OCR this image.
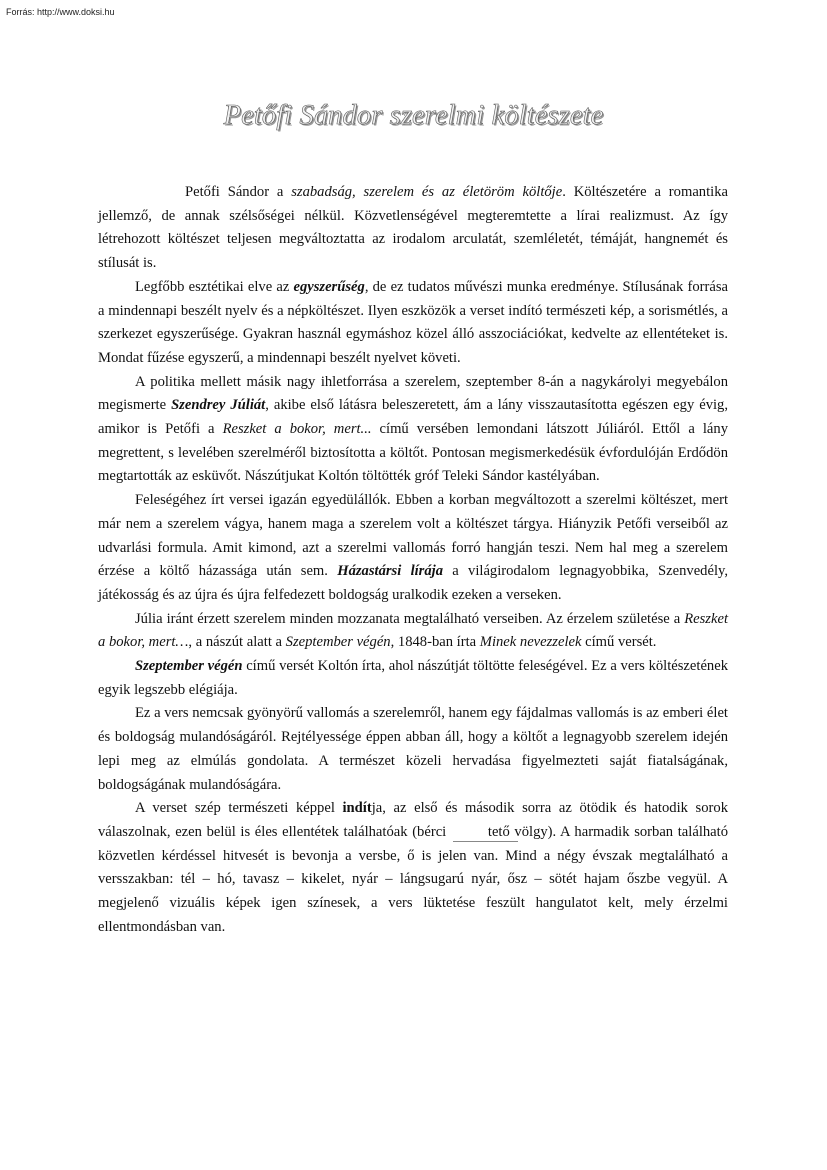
Forrás: http://www.doksi.hu
Petőfi Sándor szerelmi költészete

Petőfi Sándor a szabadság, szerelem és az életöröm költője. Költészetére a romantika jellemző, de annak szélsőségei nélkül. Közvetlenségével megteremtette a lírai realizmust. Az így létrehozott költészet teljesen megváltoztatta az irodalom arculatát, szemléletét, témáját, hangnemét és stílusát is.

Legfőbb esztétikai elve az egyszerűség, de ez tudatos művészi munka eredménye. Stílusának forrása a mindennapi beszélt nyelv és a népköltészet. Ilyen eszközök a verset indító természeti kép, a sorismétlés, a szerkezet egyszerűsége. Gyakran használ egymáshoz közel álló asszociációkat, kedvelte az ellentéteket is. Mondat fűzése egyszerű, a mindennapi beszélt nyelvet követi.

A politika mellett másik nagy ihletforrása a szerelem, szeptember 8-án a nagykárolyi megyebálon megismerte Szendrey Júliát, akibe első látásra beleszeretett, ám a lány visszautasította egészen egy évig, amikor is Petőfi a Reszket a bokor, mert... című versében lemondani látszott Júliáról. Ettől a lány megrettent, s levelében szerelméről biztosította a költőt. Pontosan megismerkedésük évfordulóján Erdődön megtartották az esküvőt. Nászútjukat Koltón töltötték gróf Teleki Sándor kastélyában.

Feleségéhez írt versei igazán egyedülállók. Ebben a korban megváltozott a szerelmi költészet, mert már nem a szerelem vágya, hanem maga a szerelem volt a költészet tárgya. Hiányzik Petőfi verseiből az udvarlási formula. Amit kimond, azt a szerelmi vallomás forró hangján teszi. Nem hal meg a szerelem érzése a költő házassága után sem. Házastársi lírája a világirodalom legnagyobbika, Szenvedély, játékosság és az újra és újra felfedezett boldogság uralkodik ezeken a verseken.

Júlia iránt érzett szerelem minden mozzanata megtalálható verseiben. Az érzelem születése a Reszket a bokor, mert…, a nászút alatt a Szeptember végén, 1848-ban írta Minek nevezzelek című versét.

Szeptember végén című versét Koltón írta, ahol nászútját töltötte feleségével. Ez a vers költészetének egyik legszebb elégiája.

Ez a vers nemcsak gyönyörű vallomás a szerelemről, hanem egy fájdalmas vallomás is az emberi élet és boldogság mulandóságáról. Rejtélyessége éppen abban áll, hogy a költőt a legnagyobb szerelem idején lepi meg az elmúlás gondolata. A természet közeli hervadása figyelmezteti saját fiatalságának, boldogságának mulandóságára.

A verset szép természeti képpel indítja, az első és második sorra az ötödik és hatodik sorok válaszolnak, ezen belül is éles ellentétek találhatóak (bérci	tető völgy). A harmadik sorban található közvetlen kérdéssel hitvesét is bevonja a versbe, ő is jelen van. Mind a négy évszak megtalálható a versszakban: tél – hó, tavasz – kikelet, nyár – lángsugarú nyár, ősz – sötét hajam őszbe vegyül. A megjelenő vizuális képek igen színesek, a vers lüktetése feszült hangulatot kelt, mely érzelmi ellentmondásban van.
